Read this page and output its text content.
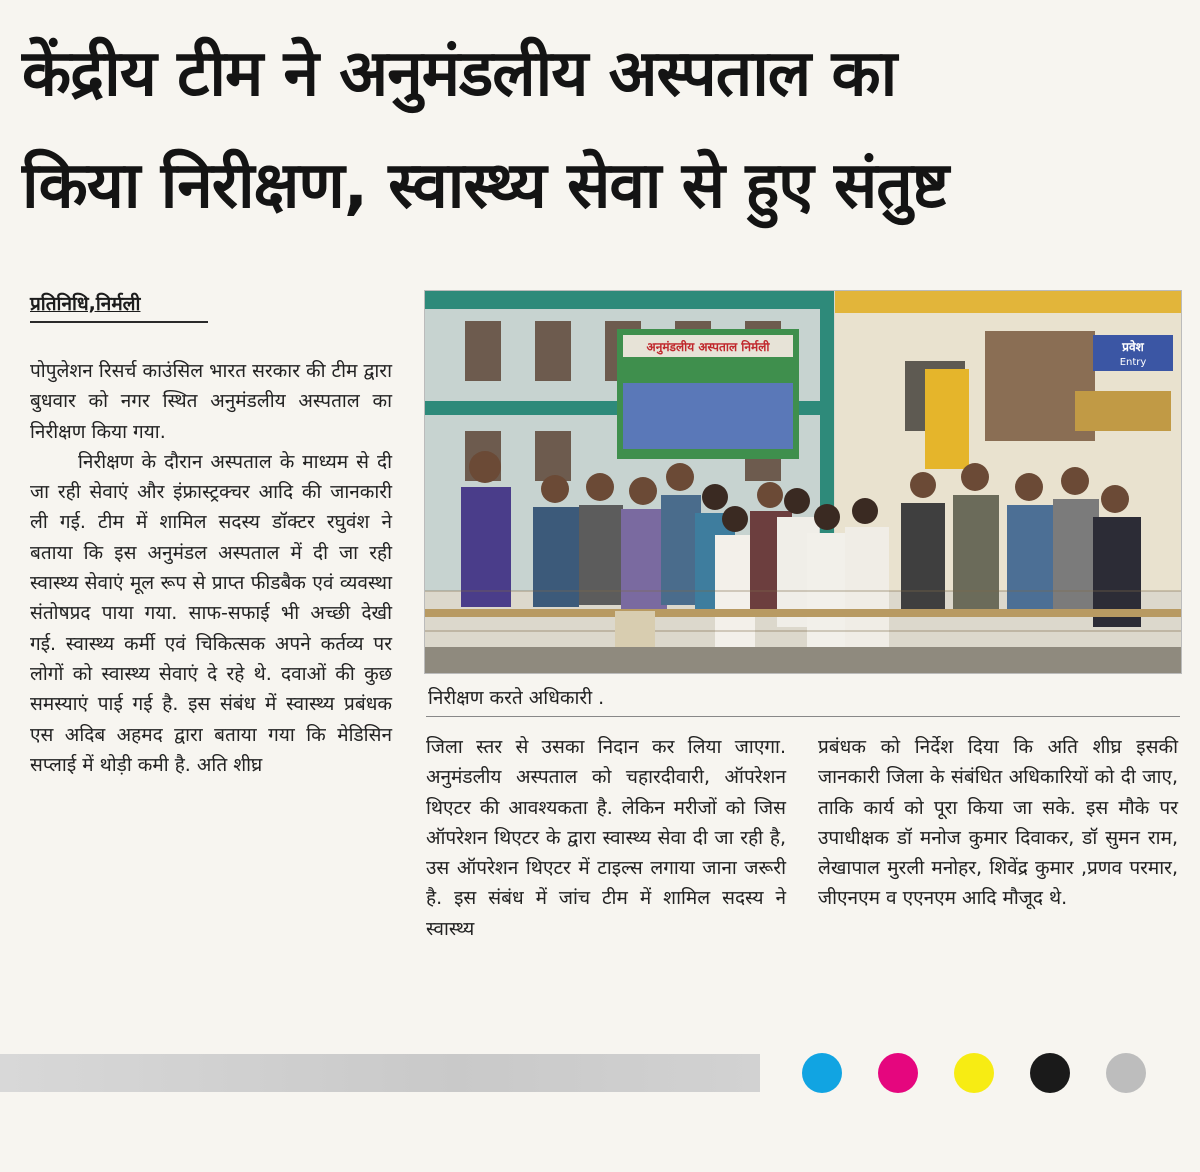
केंद्रीय टीम ने अनुमंडलीय अस्पताल का
किया निरीक्षण, स्वास्थ्य सेवा से हुए संतुष्ट
प्रतिनिधि,निर्मली

पोपुलेशन रिसर्च काउंसिल भारत सरकार की टीम द्वारा बुधवार को नगर स्थित अनुमंडलीय अस्पताल का निरीक्षण किया गया.

निरीक्षण के दौरान अस्पताल के माध्यम से दी जा रही सेवाएं और इंफ्रास्ट्रक्चर आदि की जानकारी ली गई. टीम में शामिल सदस्य डॉक्टर रघुवंश ने बताया कि इस अनुमंडल अस्पताल में दी जा रही स्वास्थ्य सेवाएं मूल रूप से प्राप्त फीडबैक एवं व्यवस्था संतोषप्रद पाया गया. साफ-सफाई भी अच्छी देखी गई. स्वास्थ्य कर्मी एवं चिकित्सक अपने कर्तव्य पर लोगों को स्वास्थ्य सेवाएं दे रहे थे. दवाओं की कुछ समस्याएं पाई गई है. इस संबंध में स्वास्थ्य प्रबंधक एस अदिब अहमद द्वारा बताया गया कि मेडिसिन सप्लाई में थोड़ी कमी है. अति शीघ्र

अनुमंडलीय अस्पताल निर्मली	प्रवेश
Entry
निरीक्षण करते अधिकारी .

जिला स्तर से उसका निदान कर लिया जाएगा. अनुमंडलीय अस्पताल को चहारदीवारी, ऑपरेशन थिएटर की आवश्यकता है. लेकिन मरीजों को जिस ऑपरेशन थिएटर के द्वारा स्वास्थ्य सेवा दी जा रही है, उस ऑपरेशन थिएटर में टाइल्स लगाया जाना जरूरी है. इस संबंध में जांच टीम में शामिल सदस्य ने स्वास्थ्य

प्रबंधक को निर्देश दिया कि अति शीघ्र इसकी जानकारी जिला के संबंधित अधिकारियों को दी जाए, ताकि कार्य को पूरा किया जा सके. इस मौके पर उपाधीक्षक डॉ मनोज कुमार दिवाकर, डॉ सुमन राम, लेखापाल मुरली मनोहर, शिवेंद्र कुमार ,प्रणव परमार, जीएनएम व एएनएम आदि मौजूद थे.
